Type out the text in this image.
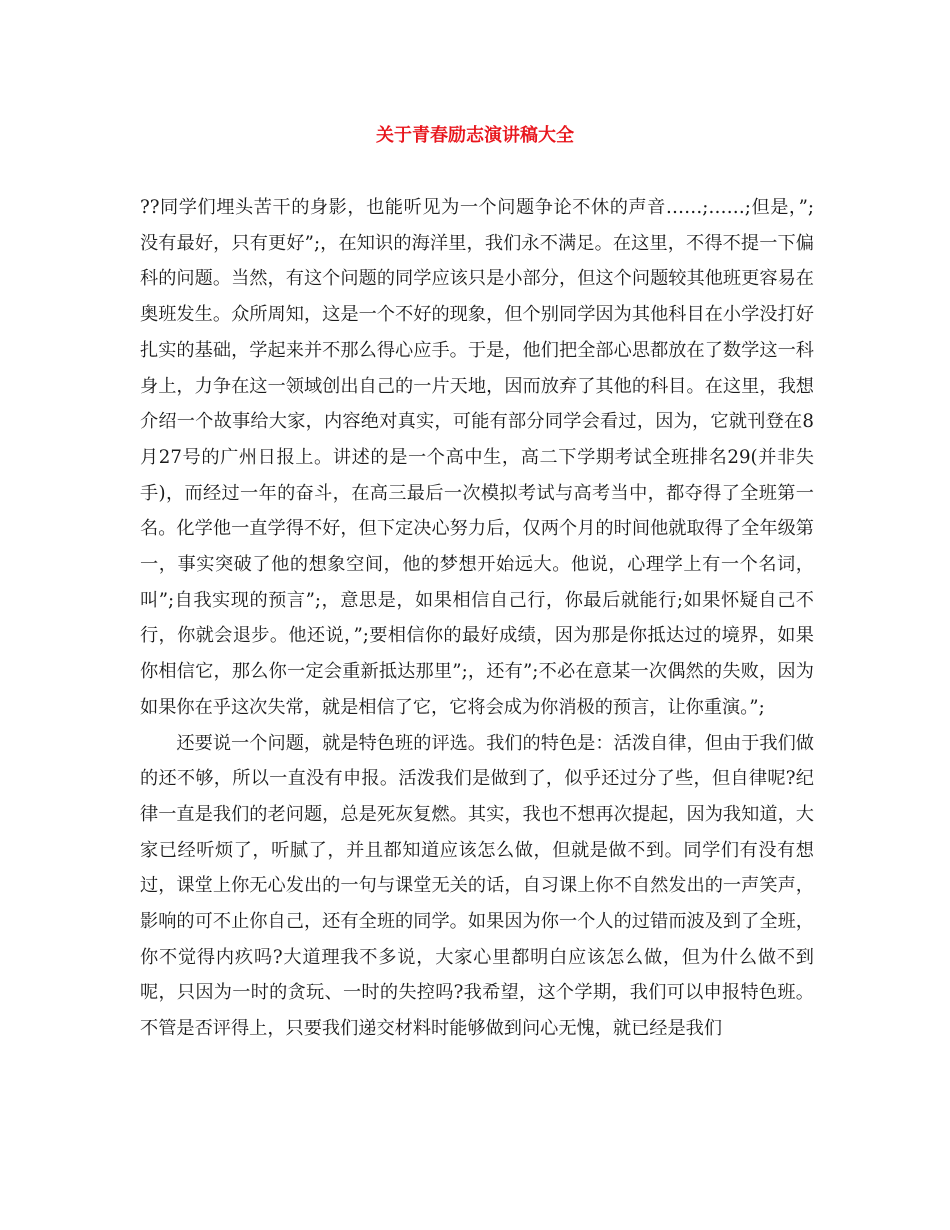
关于青春励志演讲稿大全

??同学们埋头苦干的身影，也能听见为一个问题争论不休的声音……;……;但是，”;没有最好，只有更好”;，在知识的海洋里，我们永不满足。在这里，不得不提一下偏科的问题。当然，有这个问题的同学应该只是小部分，但这个问题较其他班更容易在奥班发生。众所周知，这是一个不好的现象，但个别同学因为其他科目在小学没打好扎实的基础，学起来并不那么得心应手。于是，他们把全部心思都放在了数学这一科身上，力争在这一领域创出自己的一片天地，因而放弃了其他的科目。在这里，我想介绍一个故事给大家，内容绝对真实，可能有部分同学会看过，因为，它就刊登在8月27号的广州日报上。讲述的是一个高中生，高二下学期考试全班排名29(并非失手)，而经过一年的奋斗，在高三最后一次模拟考试与高考当中，都夺得了全班第一名。化学他一直学得不好，但下定决心努力后，仅两个月的时间他就取得了全年级第一，事实突破了他的想象空间，他的梦想开始远大。他说，心理学上有一个名词，叫”;自我实现的预言”;，意思是，如果相信自己行，你最后就能行;如果怀疑自己不行，你就会退步。他还说，”;要相信你的最好成绩，因为那是你抵达过的境界，如果你相信它，那么你一定会重新抵达那里”;，还有”;不必在意某一次偶然的失败，因为如果你在乎这次失常，就是相信了它，它将会成为你消极的预言，让你重演。”;

还要说一个问题，就是特色班的评选。我们的特色是：活泼自律，但由于我们做的还不够，所以一直没有申报。活泼我们是做到了，似乎还过分了些，但自律呢?纪律一直是我们的老问题，总是死灰复燃。其实，我也不想再次提起，因为我知道，大家已经听烦了，听腻了，并且都知道应该怎么做，但就是做不到。同学们有没有想过，课堂上你无心发出的一句与课堂无关的话，自习课上你不自然发出的一声笑声，影响的可不止你自己，还有全班的同学。如果因为你一个人的过错而波及到了全班，你不觉得内疚吗?大道理我不多说，大家心里都明白应该怎么做，但为什么做不到呢，只因为一时的贪玩、一时的失控吗?我希望，这个学期，我们可以申报特色班。不管是否评得上，只要我们递交材料时能够做到问心无愧，就已经是我们
